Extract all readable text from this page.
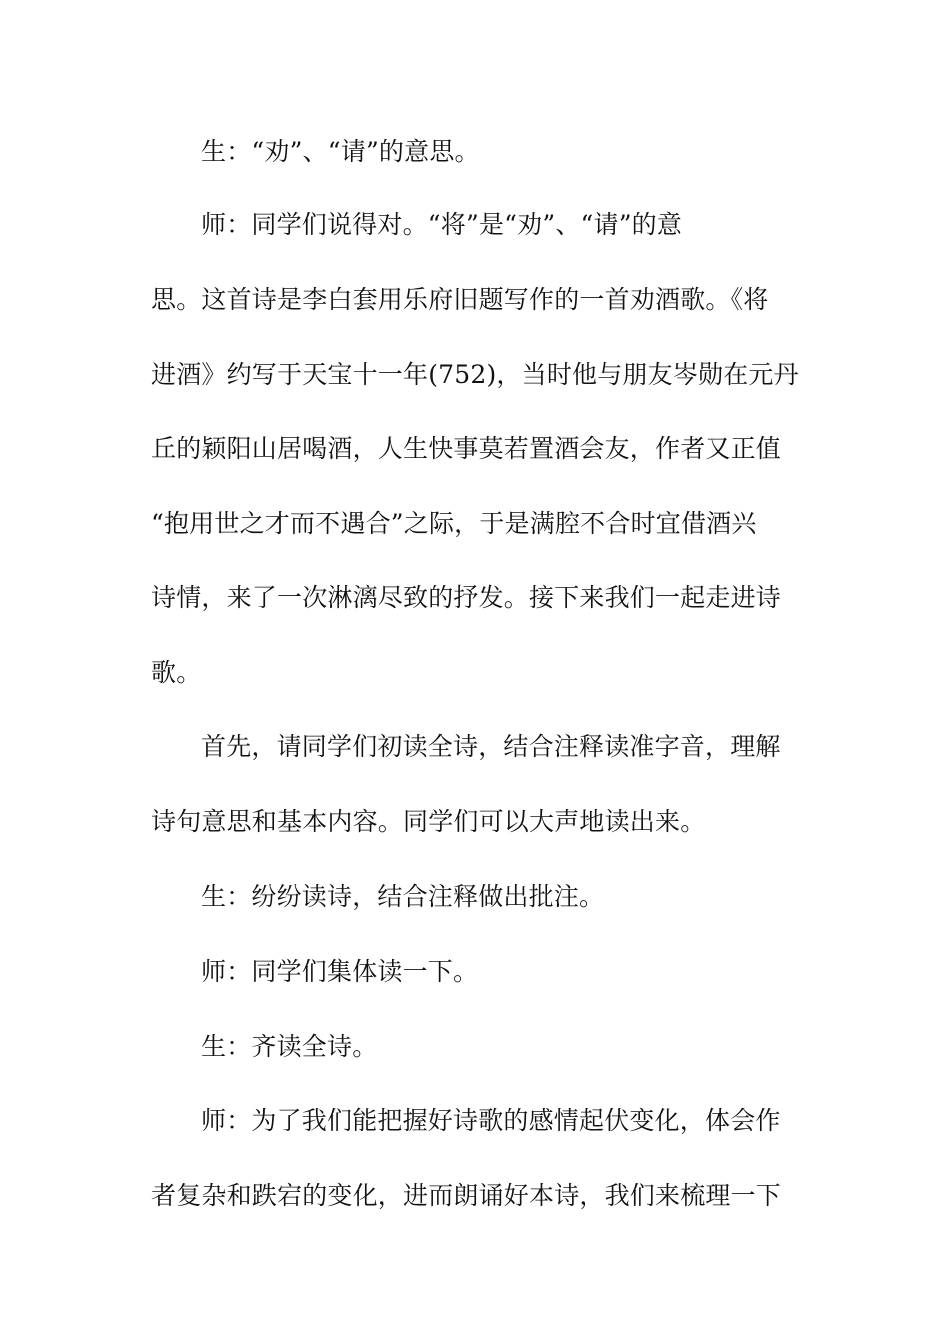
生：“劝”、“请”的意思。
师：同学们说得对。“将”是“劝”、“请”的意
思。这首诗是李白套用乐府旧题写作的一首劝酒歌。《将
进酒》约写于天宝十一年(752)，当时他与朋友岑勋在元丹
丘的颖阳山居喝酒，人生快事莫若置酒会友，作者又正值
“抱用世之才而不遇合”之际，于是满腔不合时宜借酒兴
诗情，来了一次淋漓尽致的抒发。接下来我们一起走进诗
歌。
首先，请同学们初读全诗，结合注释读准字音，理解
诗句意思和基本内容。同学们可以大声地读出来。
生：纷纷读诗，结合注释做出批注。
师：同学们集体读一下。
生：齐读全诗。
师：为了我们能把握好诗歌的感情起伏变化，体会作
者复杂和跌宕的变化，进而朗诵好本诗，我们来梳理一下
